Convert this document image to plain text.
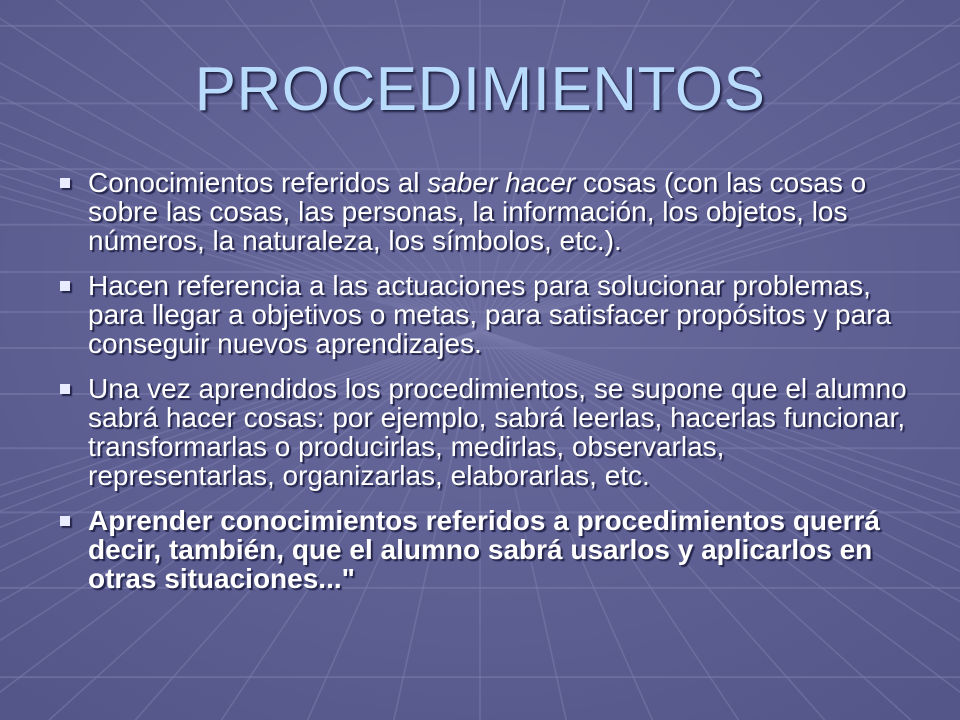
PROCEDIMIENTOS
Conocimientos referidos al saber hacer cosas (con las cosas o sobre las cosas, las personas, la información, los objetos, los números, la naturaleza, los símbolos, etc.).
Hacen referencia a las actuaciones para solucionar problemas, para llegar a objetivos o metas, para satisfacer propósitos y para conseguir nuevos aprendizajes.
Una vez aprendidos los procedimientos, se supone que el alumno sabrá hacer cosas: por ejemplo, sabrá leerlas, hacerlas funcionar, transformarlas o producirlas, medirlas, observarlas, representarlas, organizarlas, elaborarlas, etc.
Aprender conocimientos referidos a procedimientos querrá decir, también, que el alumno sabrá usarlos y aplicarlos en otras situaciones..."
